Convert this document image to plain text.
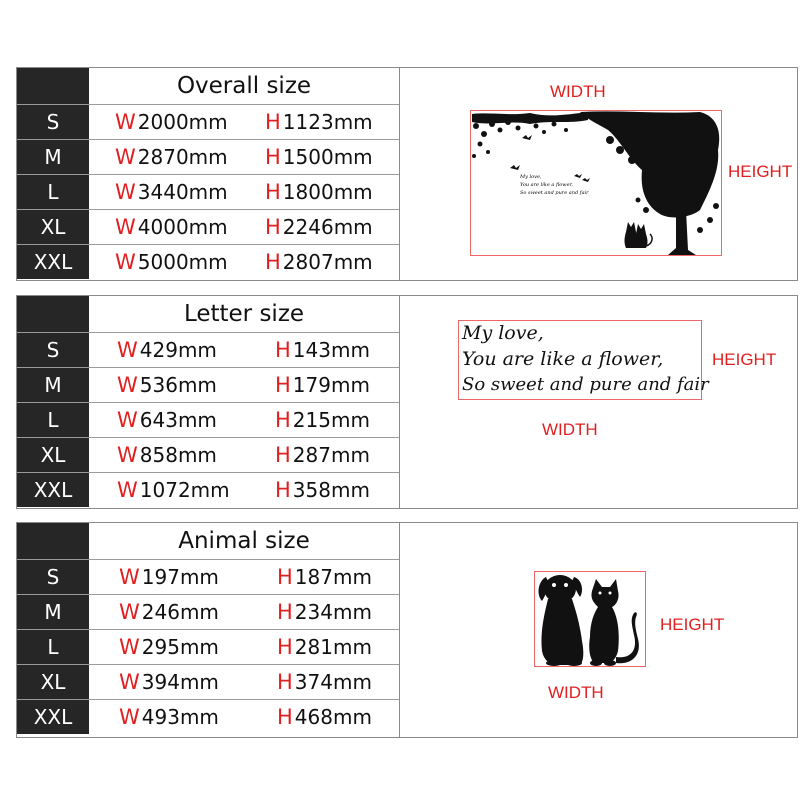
Overall size
S	W 2000mm H 1123mm
M	W 2870mm H 1500mm
L	W 3440mm H 1800mm
XL	W 4000mm H 2246mm
XXL	W 5000mm H 2807mm
WIDTH
HEIGHT
My love,
You are like a flower,
So sweet and pure and fair
Letter size
S	W 429mm	H 143mm
M	W 536mm	H 179mm
L	W 643mm	H 215mm
XL	W 858mm	H 287mm
XXL	W 1072mm H 358mm
My love,
You are like a flower,
So sweet and pure and fair
HEIGHT
WIDTH
Animal size
S	W 197mm	H 187mm
M	W 246mm	H 234mm
L	W 295mm	H 281mm
XL	W 394mm	H 374mm
XXL	W 493mm	H 468mm
HEIGHT
WIDTH
